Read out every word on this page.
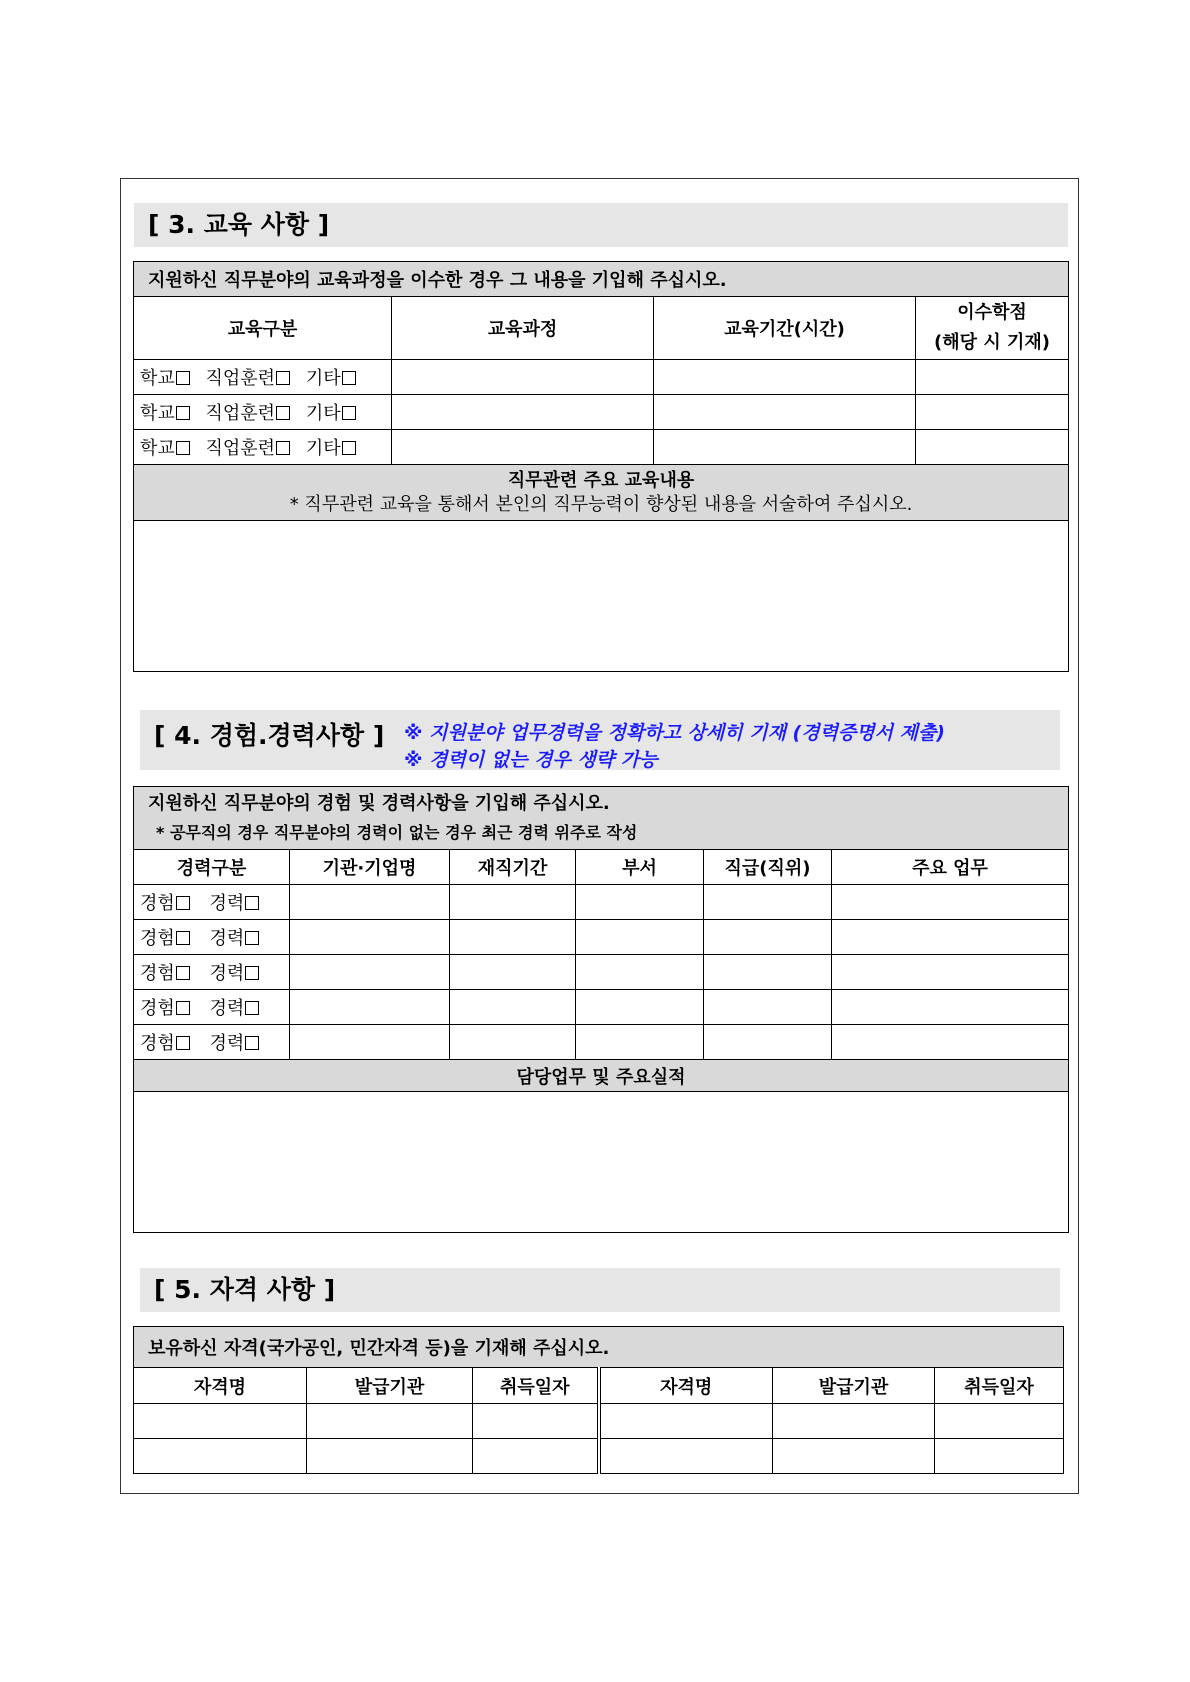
[ 3. 교육 사항 ]
지원하신 직무분야의 교육과정을 이수한 경우 그 내용을 기입해 주십시오.			
교육구분	교육과정	교육기간(시간)	이수학점
(해당 시 기재)

학교 직업훈련 기타			
학교 직업훈련 기타			
학교 직업훈련 기타			

직무관련 주요 교육내용
* 직무관련 교육을 통해서 본인의 직무능력이 향상된 내용을 서술하여 주십시오.			

[ 4. 경험.경력사항 ]	※ 지원분야 업무경력을 정확하고 상세히 기재 (경력증명서 제출)
※ 경력이 없는 경우 생략 가능
지원하신 직무분야의 경험 및 경력사항을 기입해 주십시오.
* 공무직의 경우 직무분야의 경력이 없는 경우 최근 경력 위주로 작성					

경력구분	기관·기업명	재직기간	부서	직급(직위)	주요 업무
경험 경력					
경험 경력					
경험 경력					
경험 경력					
경험 경력					
담당업무 및 주요실적					

[ 5. 자격 사항 ]
보유하신 자격(국가공인, 민간자격 등)을 기재해 주십시오.					
자격명	발급기관	취득일자	자격명	발급기관	취득일자
